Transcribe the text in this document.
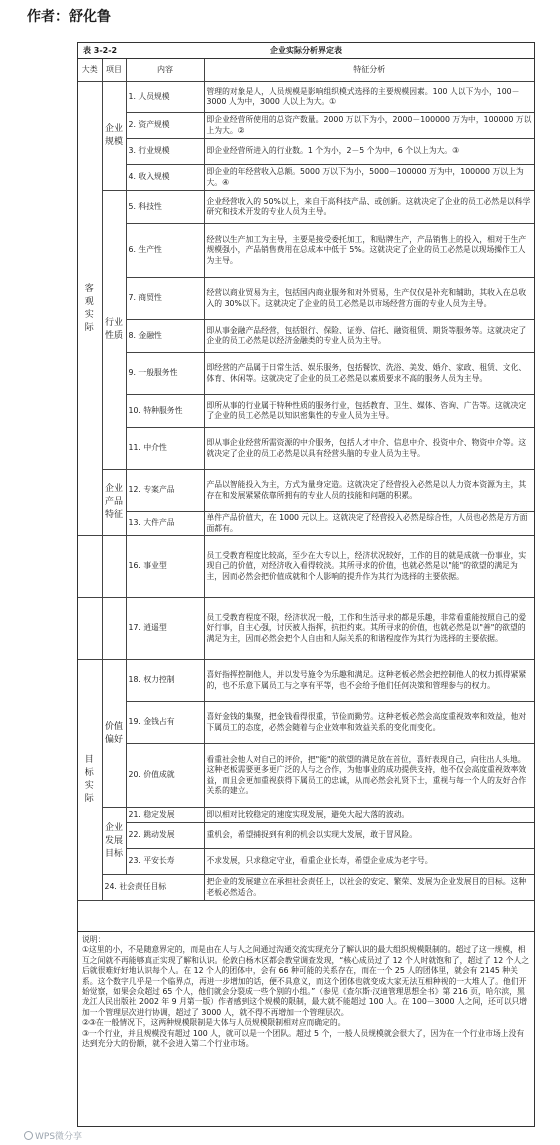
作者：舒化鲁
表 3-2-2	企业实际分析界定表
大类	项目	内容	特征分析
客观实际	企业规模	1. 人员规模	管理的对象是人，人员规模是影响组织模式选择的主要规模因素。100 人以下为小，100－3000 人为中，3000 人以上为大。①
		2. 资产规模	即企业经营所使用的总资产数量。2000 万以下为小，2000－100000 万为中，100000 万以上为大。②
		3. 行业规模	即企业经营所进入的行业数。1 个为小，2－5 个为中，6 个以上为大。③
		4. 收入规模	即企业的年经营收入总额。5000 万以下为小，5000－100000 万为中，100000 万以上为大。④
	行业性质	5. 科技性	企业经营收入的 50%以上，来自于高科技产品、或创新。这就决定了企业的员工必然是以科学研究和技术开发的专业人员为主导。
		6. 生产性	经营以生产加工为主导，主要是接受委托加工，和贴牌生产，产品销售上的投入，相对于生产规模强小，产品销售费用在总成本中低于 5%。这就决定了企业的员工必然是以现场操作工人为主导。
		7. 商贸性	经营以商业贸易为主，包括国内商业服务和对外贸易，生产仅仅是补充和辅助，其收入在总收入的 30%以下。这就决定了企业的员工必然是以市场经营方面的专业人员为主导。
		8. 金融性	即从事金融产品经营，包括银行、保险、证券、信托、融资租赁、期货等服务等。这就决定了企业的员工必然是以经济金融类的专业人员为主导。
		9. 一般服务性	即经营的产品属于日常生活、娱乐服务，包括餐饮、洗浴、美发、婚介、家政、租赁、文化、体育、休闲等。这就决定了企业的员工必然是以素质要求不高的服务人员为主导。
		10. 特种服务性	即所从事的行业属于特种性质的服务行业，包括教育、卫生、媒体、咨询、广告等。这就决定了企业的员工必然是以知识密集性的专业人员为主导。
		11. 中介性	即从事企业经营所需资源的中介服务，包括人才中介、信息中介、投资中介、物资中介等。这就决定了企业的员工必然是以具有经营头脑的专业人员为主导。
	企业产品特征	12. 专案产品	产品以智能投入为主，方式为量身定造。这就决定了经营投入必然是以人力资本资源为主，其存在和发展紧紧依靠所拥有的专业人员的技能和问题的积累。
		13. 大件产品	单件产品价值大，在 1000 元以上。这就决定了经营投入必然是综合性，人员也必然是方方面面都有。
		16. 事业型	员工受教育程度比较高，至少在大专以上，经济状况较好，工作的目的就是成就一份事业，实现自己的价值，对经济收入看得较淡。其所寻求的价值，也就必然是以"能"的欲望的满足为主，因而必然会把价值成就和个人影响的提升作为其行为选择的主要依据。
		17. 逍遥型	员工受教育程度不限，经济状况一般，工作和生活寻求的都是乐趣，非常看重能按照自己的爱好行事，自主心强，讨厌被人指挥，抗拒约束。其所寻求的价值，也就必然是以"善"的欲望的满足为主，因而必然会把个人自由和人际关系的和谐程度作为其行为选择的主要依据。
目标实际	价值偏好	18. 权力控制	喜好指挥控制他人，并以发号施令为乐趣和满足。这种老板必然会把控制他人的权力抓得紧紧的，也不乐意下属员工与之享有平等，也不会给予他们任何决策和管理参与的权力。
		19. 金钱占有	喜好金钱的集聚，把金钱看得很重，节俭而勤劳。这种老板必然会高度重视效率和效益，他对下属员工的态度，必然会随着与企业效率和效益关系的变化而变化。
		20. 价值成就	看重社会他人对自己的评价，把"能"的欲望的满足放在首位，喜好表现自己，向往出人头地。这种老板需要更多更广泛的人与之合作，为他事业的成功提供支持，他不仅会高度重视效率效益，而且会更加重视获得下属员工的忠诚，从而必然会礼贤下士，重视与每一个人的友好合作关系的建立。
	企业发展目标	21. 稳定发展	即以相对比较稳定的速度实现发展，避免大起大落的波动。
		22. 跳动发展	重机会，希望捕捉到有利的机会以实现大发展，敢于冒风险。
		23. 平安长寿	不求发展，只求稳定守业，看重企业长寿，希望企业成为老字号。
	24. 社会责任目标		把企业的发展建立在承担社会责任上，以社会的安定、繁荣、发展为企业发展目的目标。这种老板必然适合。

说明：

①这里的小，不是随意界定的，而是由在人与人之间通过沟通交流实现充分了解认识的最大组织规模限制的。超过了这一规模，相互之间就不再能够真正实现了解和认识。伦敦白杨木区都会教堂调查发现，“核心成员过了 12 个人时就饱和了，超过了 12 个人之后就很难好好地认识每个人。在 12 个人的团体中，会有 66 种可能的关系存在，而在一个 25 人的团体里，就会有 2145 种关系。这个数字几乎是一个临界点，再进一步增加的话，便不具意义，而这个团体也就变成大家无法互相种视的一大堆人了。他们开始觉察，如果会众超过 65 个人，他们就会分裂成一些个别的小组。”（参见《查尔斯·汉迪管理思想全书》第 216 页，哈尔滨，黑龙江人民出版社 2002 年 9 月第一版）作者感到这个规模的限制，最大就不能超过 100 人。在 100－3000 人之间，还可以只增加一个管理层次进行协调，超过了 3000 人，就不得不再增加一个管理层次。

②③在一般情况下，这两种规模限制是大体与人员规模限制相对应而确定的。

③一个行业，并且规模没有超过 100 人，就可以是一个团队。超过 5 个，一般人员规模就会很大了，因为在一个行业市场上没有达到充分大的份额，就不会进入第二个行业市场。

WPS微分享
